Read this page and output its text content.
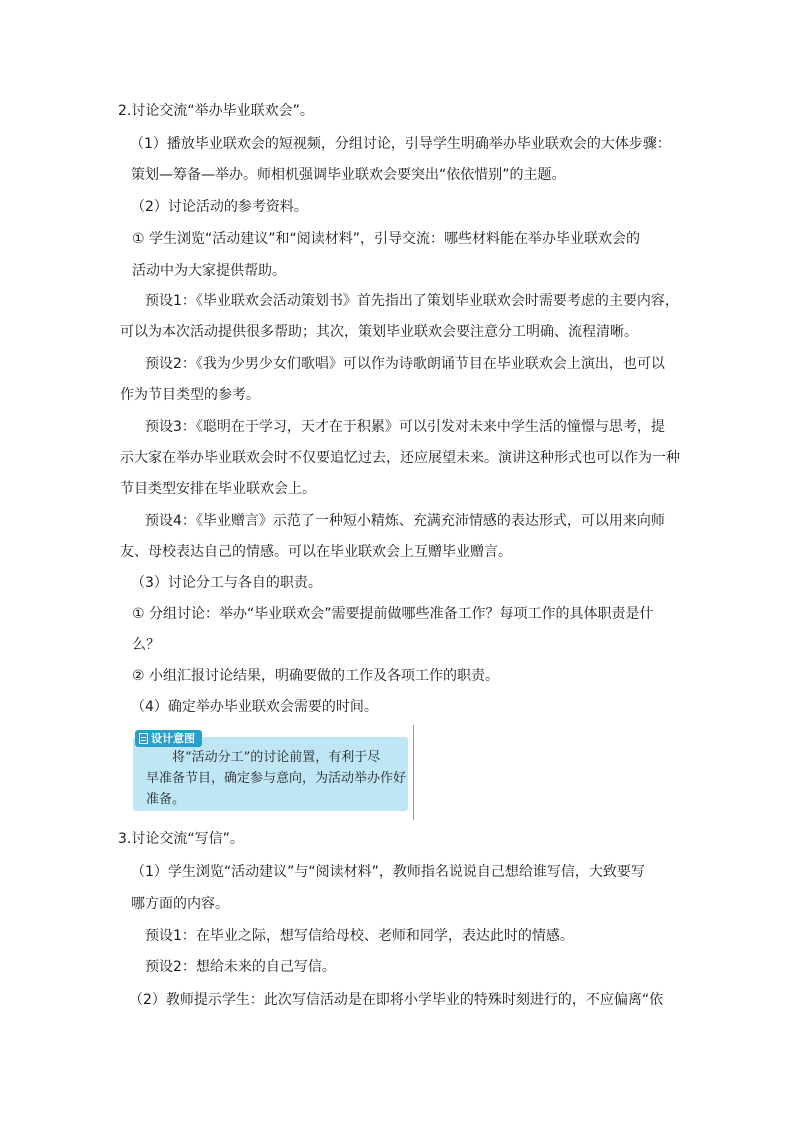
2.讨论交流“举办毕业联欢会”。
（1）播放毕业联欢会的短视频，分组讨论，引导学生明确举办毕业联欢会的大体步骤：
策划—筹备—举办。师相机强调毕业联欢会要突出“依依惜别”的主题。
（2）讨论活动的参考资料。
① 学生浏览“活动建议”和“阅读材料”，引导交流：哪些材料能在举办毕业联欢会的
活动中为大家提供帮助。
预设1：《毕业联欢会活动策划书》首先指出了策划毕业联欢会时需要考虑的主要内容，
可以为本次活动提供很多帮助；其次，策划毕业联欢会要注意分工明确、流程清晰。
预设2：《我为少男少女们歌唱》可以作为诗歌朗诵节目在毕业联欢会上演出，也可以
作为节目类型的参考。
预设3：《聪明在于学习，天才在于积累》可以引发对未来中学生活的憧憬与思考，提
示大家在举办毕业联欢会时不仅要追忆过去，还应展望未来。演讲这种形式也可以作为一种
节目类型安排在毕业联欢会上。
预设4：《毕业赠言》示范了一种短小精炼、充满充沛情感的表达形式，可以用来向师
友、母校表达自己的情感。可以在毕业联欢会上互赠毕业赠言。
（3）讨论分工与各自的职责。
① 分组讨论：举办“毕业联欢会”需要提前做哪些准备工作？每项工作的具体职责是什
么？
② 小组汇报讨论结果，明确要做的工作及各项工作的职责。
（4）确定举办毕业联欢会需要的时间。
设计意图

将“活动分工”的讨论前置，有利于尽

早准备节目，确定参与意向，为活动举办作好

准备。

3.讨论交流“写信”。
（1）学生浏览“活动建议”与“阅读材料”，教师指名说说自己想给谁写信，大致要写
哪方面的内容。
预设1：在毕业之际，想写信给母校、老师和同学，表达此时的情感。
预设2：想给未来的自己写信。
（2）教师提示学生：此次写信活动是在即将小学毕业的特殊时刻进行的，不应偏离“依
